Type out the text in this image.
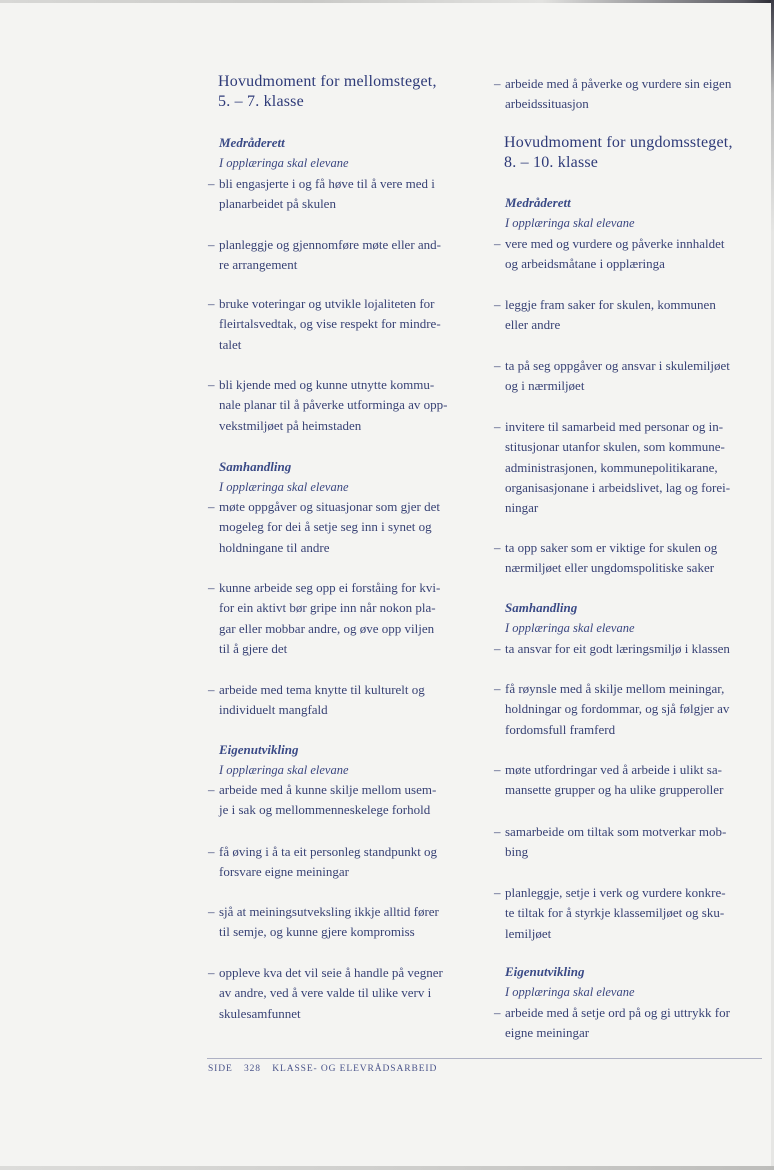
Hovudmoment for mellomsteget,
5. – 7. klasse
Medråderett
I opplæringa skal elevane
– bli engasjerte i og få høve til å vere med i
planarbeidet på skulen
– planleggje og gjennomføre møte eller and-
re arrangement
– bruke voteringar og utvikle lojaliteten for
fleirtalsvedtak, og vise respekt for mindre-
talet
– bli kjende med og kunne utnytte kommu-
nale planar til å påverke utforminga av opp-
vekstmiljøet på heimstaden
Samhandling
I opplæringa skal elevane
– møte oppgåver og situasjonar som gjer det
mogeleg for dei å setje seg inn i synet og
holdningane til andre
– kunne arbeide seg opp ei forståing for kvi-
for ein aktivt bør gripe inn når nokon pla-
gar eller mobbar andre, og øve opp viljen
til å gjere det
– arbeide med tema knytte til kulturelt og
individuelt mangfald
Eigenutvikling
I opplæringa skal elevane
– arbeide med å kunne skilje mellom usem-
je i sak og mellommenneskelege forhold
– få øving i å ta eit personleg standpunkt og
forsvare eigne meiningar
– sjå at meiningsutveksling ikkje alltid fører
til semje, og kunne gjere kompromiss
– oppleve kva det vil seie å handle på vegner
av andre, ved å vere valde til ulike verv i
skulesamfunnet
– arbeide med å påverke og vurdere sin eigen
arbeidssituasjon
Hovudmoment for ungdomssteget,
8. – 10. klasse
Medråderett
I opplæringa skal elevane
– vere med og vurdere og påverke innhaldet
og arbeidsmåtane i opplæringa
– leggje fram saker for skulen, kommunen
eller andre
– ta på seg oppgåver og ansvar i skulemiljøet
og i nærmiljøet
– invitere til samarbeid med personar og in-
stitusjonar utanfor skulen, som kommune-
administrasjonen, kommunepolitikarane,
organisasjonane i arbeidslivet, lag og forei-
ningar
– ta opp saker som er viktige for skulen og
nærmiljøet eller ungdomspolitiske saker
Samhandling
I opplæringa skal elevane
– ta ansvar for eit godt læringsmiljø i klassen
– få røynsle med å skilje mellom meiningar,
holdningar og fordommar, og sjå følgjer av
fordomsfull framferd
– møte utfordringar ved å arbeide i ulikt sa-
mansette grupper og ha ulike grupperoller
– samarbeide om tiltak som motverkar mob-
bing
– planleggje, setje i verk og vurdere konkre-
te tiltak for å styrkje klassemiljøet og sku-
lemiljøet
Eigenutvikling
I opplæringa skal elevane
– arbeide med å setje ord på og gi uttrykk for
eigne meiningar
SIDE 328 KLASSE- OG ELEVRÅDSARBEID
